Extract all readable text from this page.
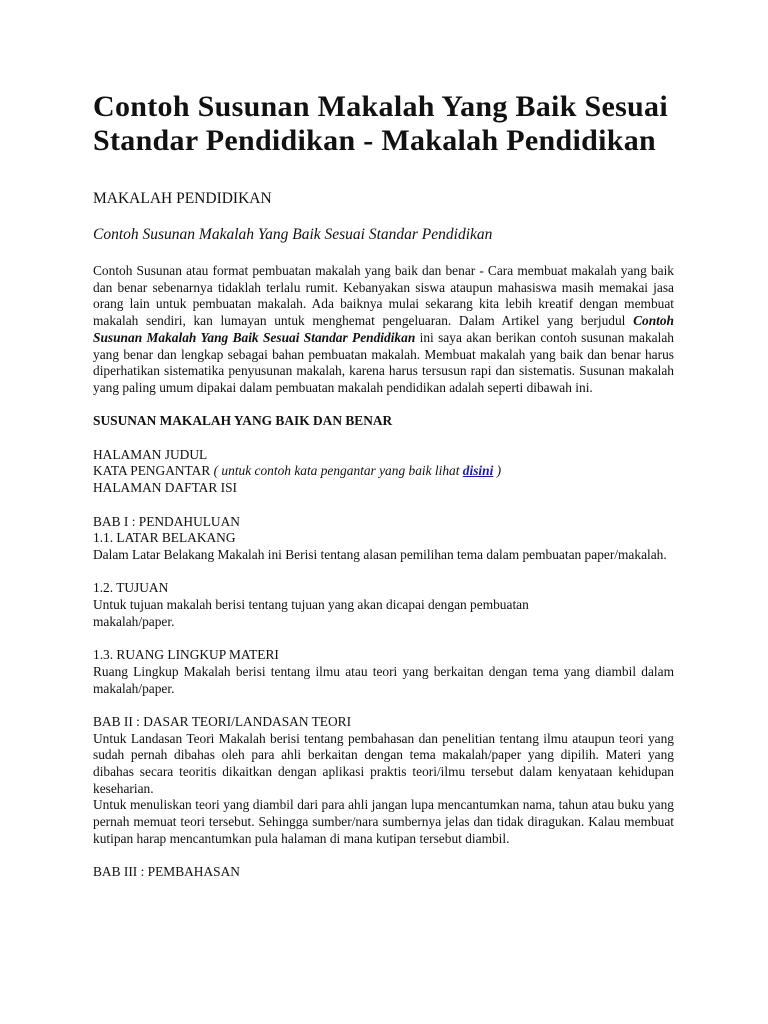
Contoh Susunan Makalah Yang Baik Sesuai Standar Pendidikan - Makalah Pendidikan
MAKALAH PENDIDIKAN
Contoh Susunan Makalah Yang Baik Sesuai Standar Pendidikan

Contoh Susunan atau format pembuatan makalah yang baik dan benar - Cara membuat makalah yang baik dan benar sebenarnya tidaklah terlalu rumit. Kebanyakan siswa ataupun mahasiswa masih memakai jasa orang lain untuk pembuatan makalah. Ada baiknya mulai sekarang kita lebih kreatif dengan membuat makalah sendiri, kan lumayan untuk menghemat pengeluaran. Dalam Artikel yang berjudul Contoh Susunan Makalah Yang Baik Sesuai Standar Pendidikan ini saya akan berikan contoh susunan makalah yang benar dan lengkap sebagai bahan pembuatan makalah. Membuat makalah yang baik dan benar harus diperhatikan sistematika penyusunan makalah, karena harus tersusun rapi dan sistematis. Susunan makalah yang paling umum dipakai dalam pembuatan makalah pendidikan adalah seperti dibawah ini.

SUSUNAN MAKALAH YANG BAIK DAN BENAR
HALAMAN JUDUL
KATA PENGANTAR ( untuk contoh kata pengantar yang baik lihat disini )
HALAMAN DAFTAR ISI
BAB I : PENDAHULUAN
1.1. LATAR BELAKANG

Dalam Latar Belakang Makalah ini Berisi tentang alasan pemilihan tema dalam pembuatan paper/makalah.

1.2. TUJUAN
Untuk tujuan makalah berisi tentang tujuan yang akan dicapai dengan pembuatan
makalah/paper.
1.3. RUANG LINGKUP MATERI

Ruang Lingkup Makalah berisi tentang ilmu atau teori yang berkaitan dengan tema yang diambil dalam makalah/paper.

BAB II : DASAR TEORI/LANDASAN TEORI

Untuk Landasan Teori Makalah berisi tentang pembahasan dan penelitian tentang ilmu ataupun teori yang sudah pernah dibahas oleh para ahli berkaitan dengan tema makalah/paper yang dipilih. Materi yang dibahas secara teoritis dikaitkan dengan aplikasi praktis teori/ilmu tersebut dalam kenyataan kehidupan keseharian.

Untuk menuliskan teori yang diambil dari para ahli jangan lupa mencantumkan nama, tahun atau buku yang pernah memuat teori tersebut. Sehingga sumber/nara sumbernya jelas dan tidak diragukan. Kalau membuat kutipan harap mencantumkan pula halaman di mana kutipan tersebut diambil.

BAB III : PEMBAHASAN
